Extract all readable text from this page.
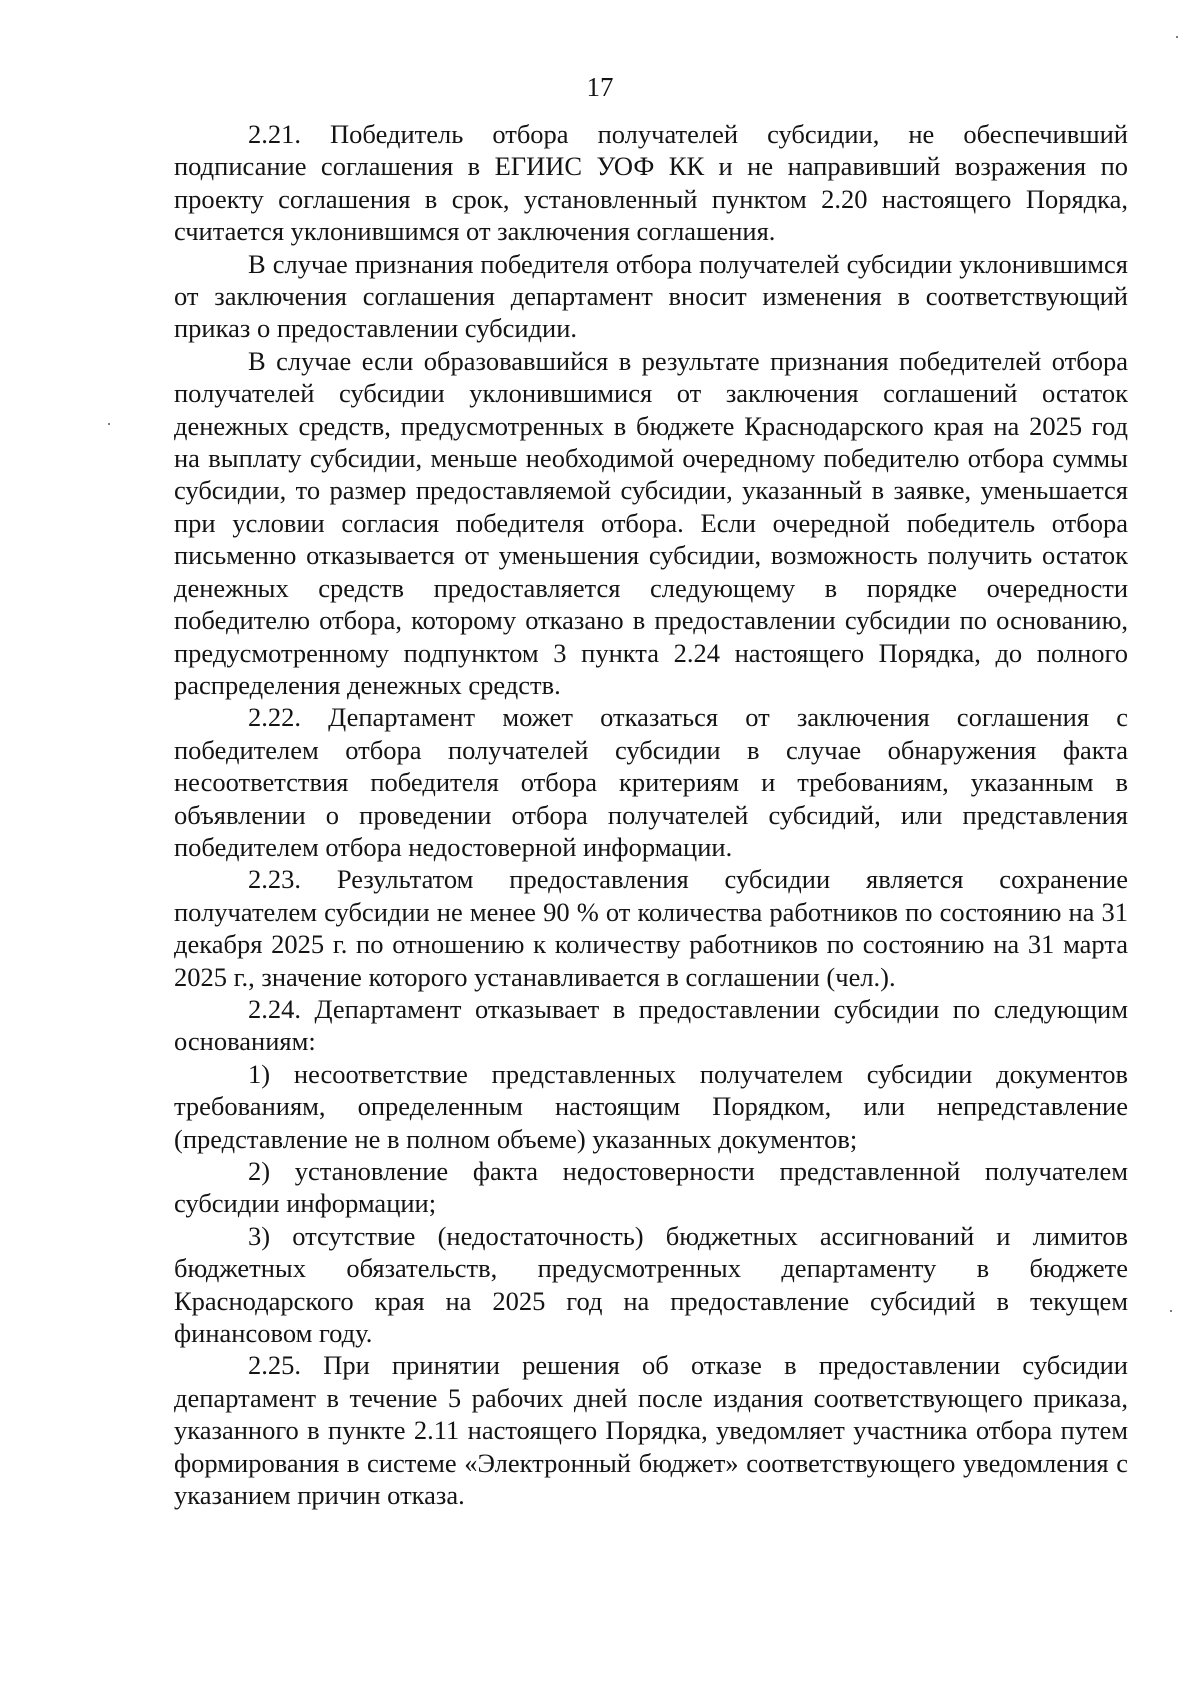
17

2.21. Победитель отбора получателей субсидии, не обеспечивший подписание соглашения в ЕГИИС УОФ КК и не направивший возражения по проекту соглашения в срок, установленный пунктом 2.20 настоящего Порядка, считается уклонившимся от заключения соглашения.

В случае признания победителя отбора получателей субсидии уклонившимся от заключения соглашения департамент вносит изменения в соответствующий приказ о предоставлении субсидии.

В случае если образовавшийся в результате признания победителей отбора получателей субсидии уклонившимися от заключения соглашений остаток денежных средств, предусмотренных в бюджете Краснодарского края на 2025 год на выплату субсидии, меньше необходимой очередному победителю отбора суммы субсидии, то размер предоставляемой субсидии, указанный в заявке, уменьшается при условии согласия победителя отбора. Если очередной победитель отбора письменно отказывается от уменьшения субсидии, возможность получить остаток денежных средств предоставляется следующему в порядке очередности победителю отбора, которому отказано в предоставлении субсидии по основанию, предусмотренному подпунктом 3 пункта 2.24 настоящего Порядка, до полного распределения денежных средств.

2.22. Департамент может отказаться от заключения соглашения с победителем отбора получателей субсидии в случае обнаружения факта несоответствия победителя отбора критериям и требованиям, указанным в объявлении о проведении отбора получателей субсидий, или представления победителем отбора недостоверной информации.

2.23. Результатом предоставления субсидии является сохранение получателем субсидии не менее 90 % от количества работников по состоянию на 31 декабря 2025 г. по отношению к количеству работников по состоянию на 31 марта 2025 г., значение которого устанавливается в соглашении (чел.).

2.24. Департамент отказывает в предоставлении субсидии по следующим основаниям:

1) несоответствие представленных получателем субсидии документов требованиям, определенным настоящим Порядком, или непредставление (представление не в полном объеме) указанных документов;

2) установление факта недостоверности представленной получателем субсидии информации;

3) отсутствие (недостаточность) бюджетных ассигнований и лимитов бюджетных обязательств, предусмотренных департаменту в бюджете Краснодарского края на 2025 год на предоставление субсидий в текущем финансовом году.

2.25. При принятии решения об отказе в предоставлении субсидии департамент в течение 5 рабочих дней после издания соответствующего приказа, указанного в пункте 2.11 настоящего Порядка, уведомляет участника отбора путем формирования в системе «Электронный бюджет» соответствующего уведомления с указанием причин отказа.
